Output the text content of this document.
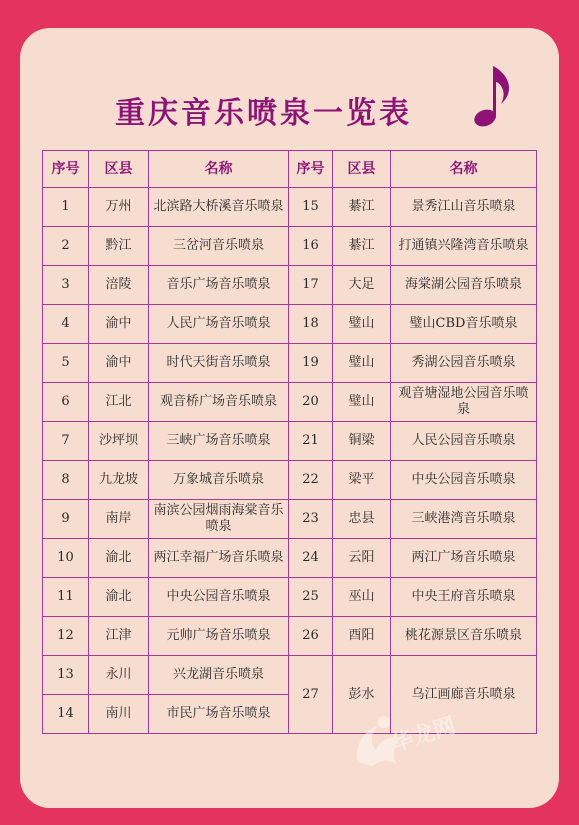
重庆音乐喷泉一览表
序号	区县	名称	序号	区县	名称
1	万州	北滨路大桥溪音乐喷泉	15	綦江	景秀江山音乐喷泉
2	黔江	三岔河音乐喷泉	16	綦江	打通镇兴隆湾音乐喷泉
3	涪陵	音乐广场音乐喷泉	17	大足	海棠湖公园音乐喷泉
4	渝中	人民广场音乐喷泉	18	璧山	璧山CBD音乐喷泉
5	渝中	时代天街音乐喷泉	19	璧山	秀湖公园音乐喷泉
6	江北	观音桥广场音乐喷泉	20	璧山	观音塘湿地公园音乐喷泉
7	沙坪坝	三峡广场音乐喷泉	21	铜梁	人民公园音乐喷泉
8	九龙坡	万象城音乐喷泉	22	梁平	中央公园音乐喷泉
9	南岸	南滨公园烟雨海棠音乐喷泉	23	忠县	三峡港湾音乐喷泉
10	渝北	两江幸福广场音乐喷泉	24	云阳	两江广场音乐喷泉
11	渝北	中央公园音乐喷泉	25	巫山	中央王府音乐喷泉
12	江津	元帅广场音乐喷泉	26	酉阳	桃花源景区音乐喷泉
13	永川	兴龙湖音乐喷泉	27	彭水	乌江画廊音乐喷泉
14	南川	市民广场音乐喷泉				华龙网
